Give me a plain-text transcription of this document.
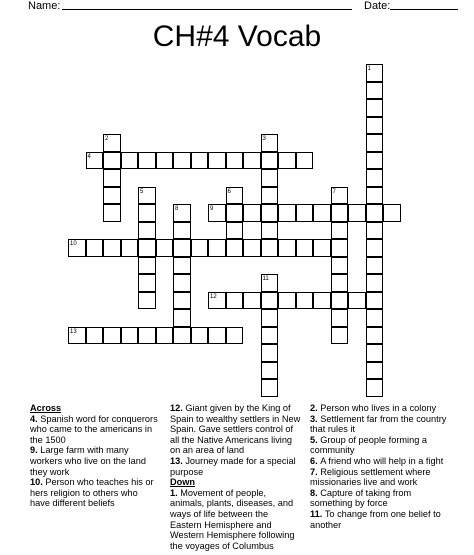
Name:	Date:
CH#4 Vocab
1
2	3
4
5	6	7
8	9
10
11
12
13
Across
4. Spanish word for conquerors who came to the americans in the 1500
9. Large farm with many workers who live on the land they work
10. Person who teaches his or hers religion to others who have different beliefs
12. Giant given by the King of Spain to wealthy settlers in New Spain. Gave settlers control of all the Native Americans living on an area of land
13. Journey made for a special purpose
Down
1. Movement of people, animals, plants, diseases, and ways of life between the Eastern Hemisphere and Western Hemisphere following the voyages of Columbus
2. Person who lives in a colony
3. Settlement far from the country that rules it
5. Group of people forming a community
6. A friend who will help in a fight
7. Religious settlement where missionaries live and work
8. Capture of taking from something by force
11. To change from one belief to another
